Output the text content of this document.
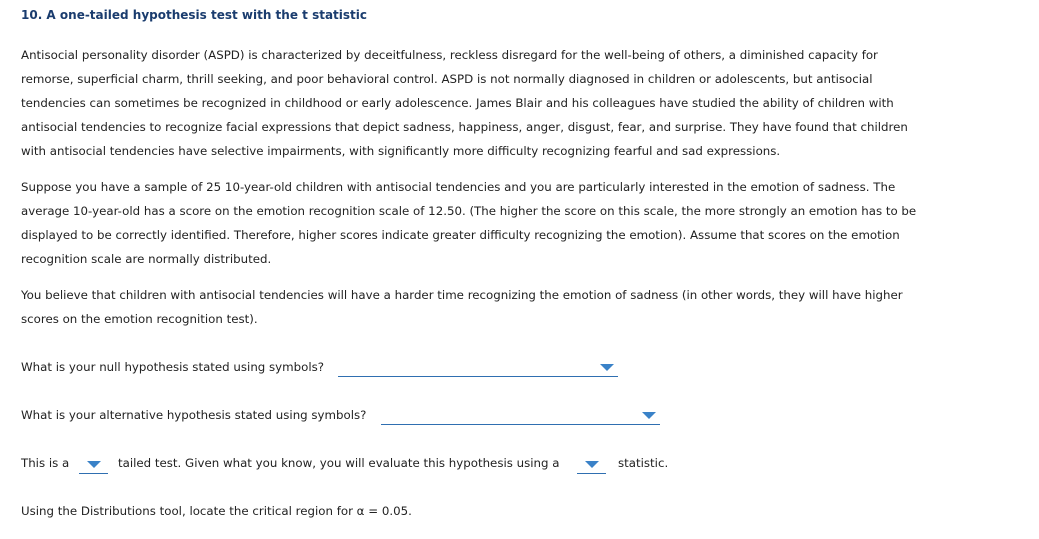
10. A one-tailed hypothesis test with the t statistic
Antisocial personality disorder (ASPD) is characterized by deceitfulness, reckless disregard for the well-being of others, a diminished capacity for remorse, superficial charm, thrill seeking, and poor behavioral control. ASPD is not normally diagnosed in children or adolescents, but antisocial tendencies can sometimes be recognized in childhood or early adolescence. James Blair and his colleagues have studied the ability of children with antisocial tendencies to recognize facial expressions that depict sadness, happiness, anger, disgust, fear, and surprise. They have found that children with antisocial tendencies have selective impairments, with significantly more difficulty recognizing fearful and sad expressions.
Suppose you have a sample of 25 10-year-old children with antisocial tendencies and you are particularly interested in the emotion of sadness. The average 10-year-old has a score on the emotion recognition scale of 12.50. (The higher the score on this scale, the more strongly an emotion has to be displayed to be correctly identified. Therefore, higher scores indicate greater difficulty recognizing the emotion). Assume that scores on the emotion recognition scale are normally distributed.
You believe that children with antisocial tendencies will have a harder time recognizing the emotion of sadness (in other words, they will have higher scores on the emotion recognition test).
What is your null hypothesis stated using symbols?
What is your alternative hypothesis stated using symbols?
This is a	tailed test. Given what you know, you will evaluate this hypothesis using a	statistic.
Using the Distributions tool, locate the critical region for α = 0.05.
